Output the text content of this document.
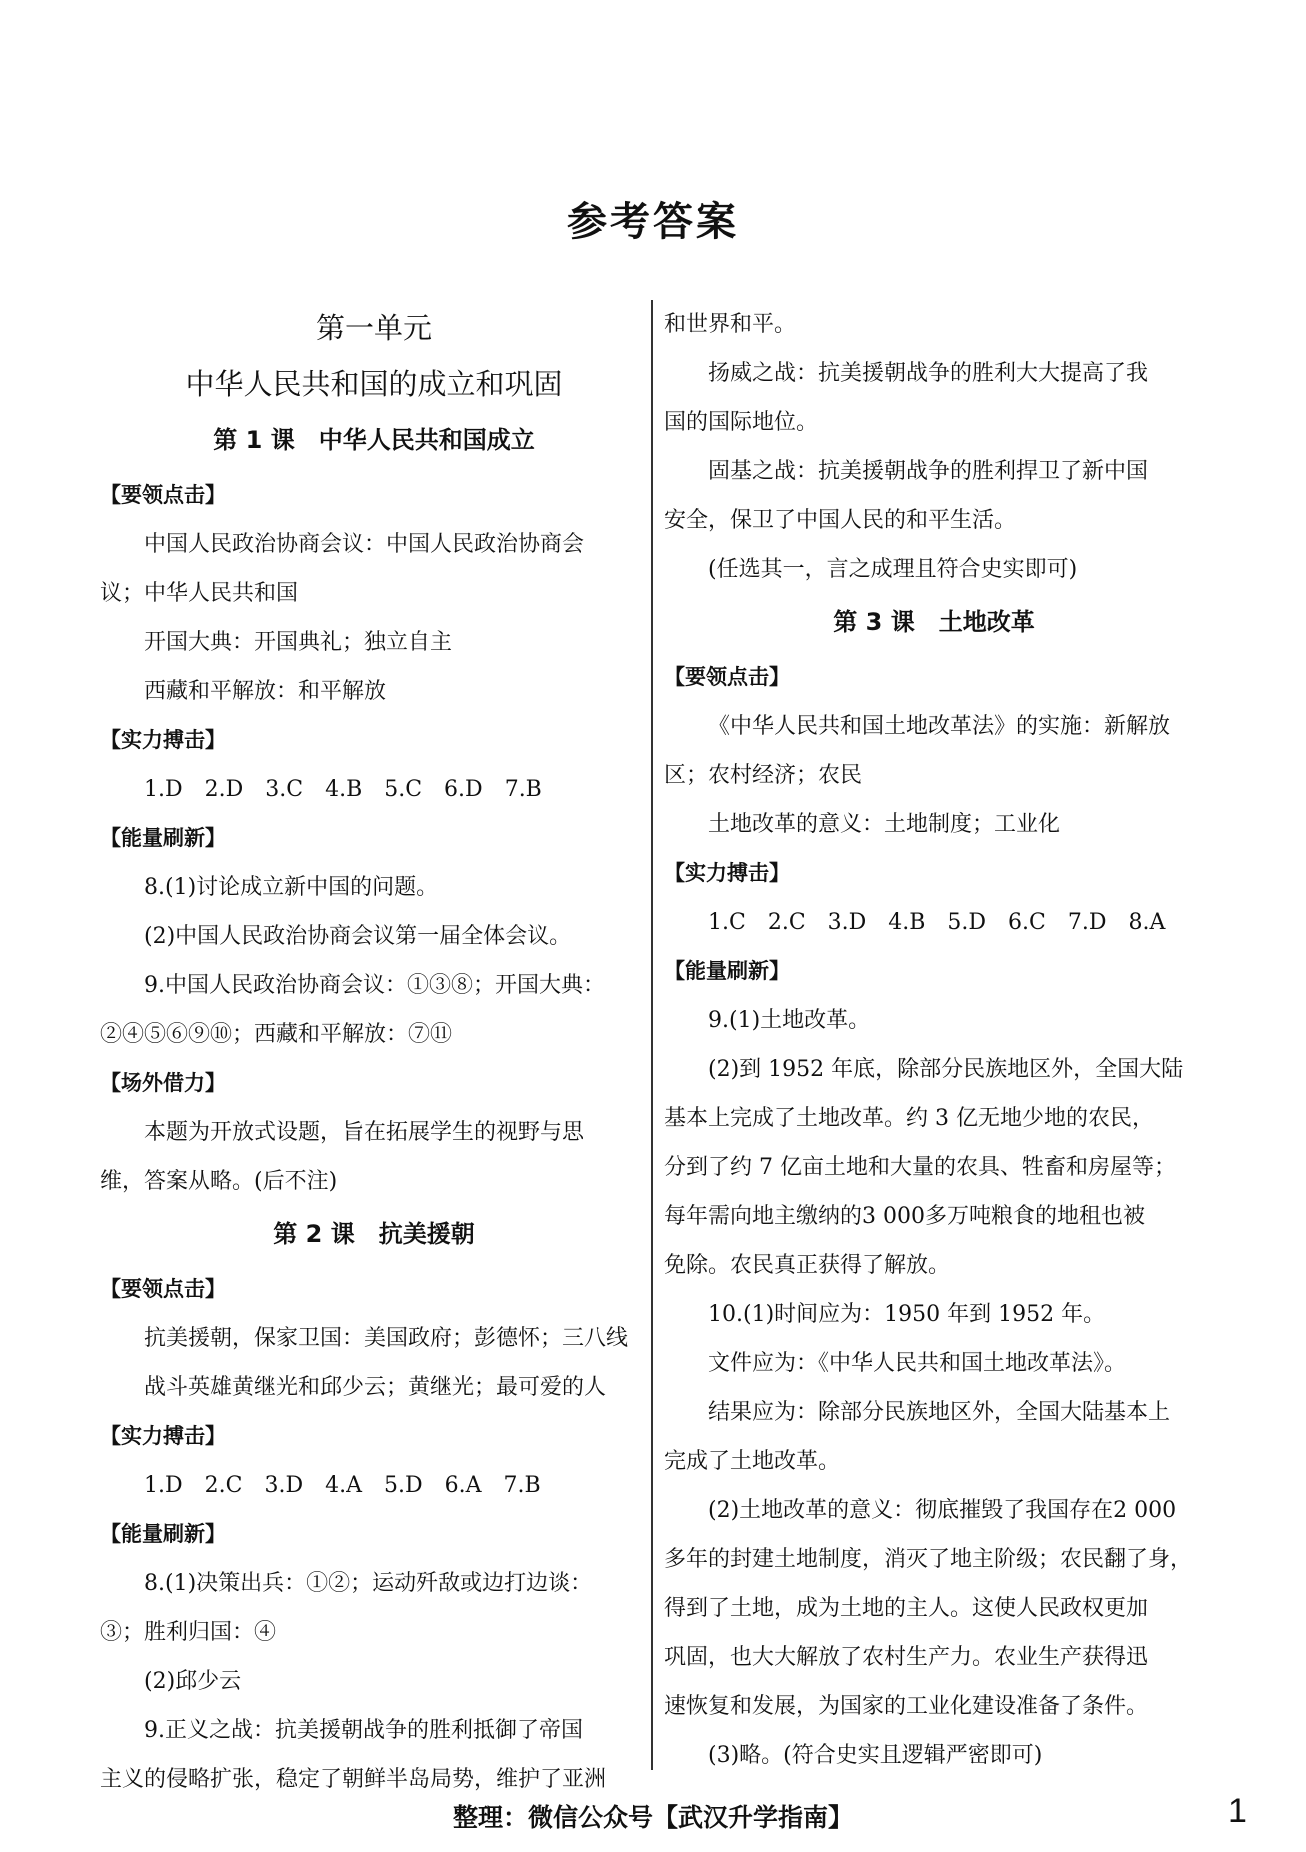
参考答案

第一单元

中华人民共和国的成立和巩固

第 1 课　中华人民共和国成立

【要领点击】

中国人民政治协商会议：中国人民政治协商会

议；中华人民共和国

开国大典：开国典礼；独立自主

西藏和平解放：和平解放

【实力搏击】

1.D　2.D　3.C　4.B　5.C　6.D　7.B

【能量刷新】

8.(1)讨论成立新中国的问题。

(2)中国人民政治协商会议第一届全体会议。

9.中国人民政治协商会议：①③⑧；开国大典：

②④⑤⑥⑨⑩；西藏和平解放：⑦⑪

【场外借力】

本题为开放式设题，旨在拓展学生的视野与思

维，答案从略。(后不注)

第 2 课　抗美援朝

【要领点击】

抗美援朝，保家卫国：美国政府；彭德怀；三八线

战斗英雄黄继光和邱少云；黄继光；最可爱的人

【实力搏击】

1.D　2.C　3.D　4.A　5.D　6.A　7.B

【能量刷新】

8.(1)决策出兵：①②；运动歼敌或边打边谈：

③；胜利归国：④

(2)邱少云

9.正义之战：抗美援朝战争的胜利抵御了帝国

主义的侵略扩张，稳定了朝鲜半岛局势，维护了亚洲

和世界和平。

扬威之战：抗美援朝战争的胜利大大提高了我

国的国际地位。

固基之战：抗美援朝战争的胜利捍卫了新中国

安全，保卫了中国人民的和平生活。

(任选其一，言之成理且符合史实即可)

第 3 课　土地改革

【要领点击】

《中华人民共和国土地改革法》的实施：新解放

区；农村经济；农民

土地改革的意义：土地制度；工业化

【实力搏击】

1.C　2.C　3.D　4.B　5.D　6.C　7.D　8.A

【能量刷新】

9.(1)土地改革。

(2)到 1952 年底，除部分民族地区外，全国大陆

基本上完成了土地改革。约 3 亿无地少地的农民，

分到了约 7 亿亩土地和大量的农具、牲畜和房屋等；

每年需向地主缴纳的3 000多万吨粮食的地租也被

免除。农民真正获得了解放。

10.(1)时间应为：1950 年到 1952 年。

文件应为：《中华人民共和国土地改革法》。

结果应为：除部分民族地区外，全国大陆基本上

完成了土地改革。

(2)土地改革的意义：彻底摧毁了我国存在2 000

多年的封建土地制度，消灭了地主阶级；农民翻了身，

得到了土地，成为土地的主人。这使人民政权更加

巩固，也大大解放了农村生产力。农业生产获得迅

速恢复和发展，为国家的工业化建设准备了条件。

(3)略。(符合史实且逻辑严密即可)

整理：微信公众号【武汉升学指南】	1
